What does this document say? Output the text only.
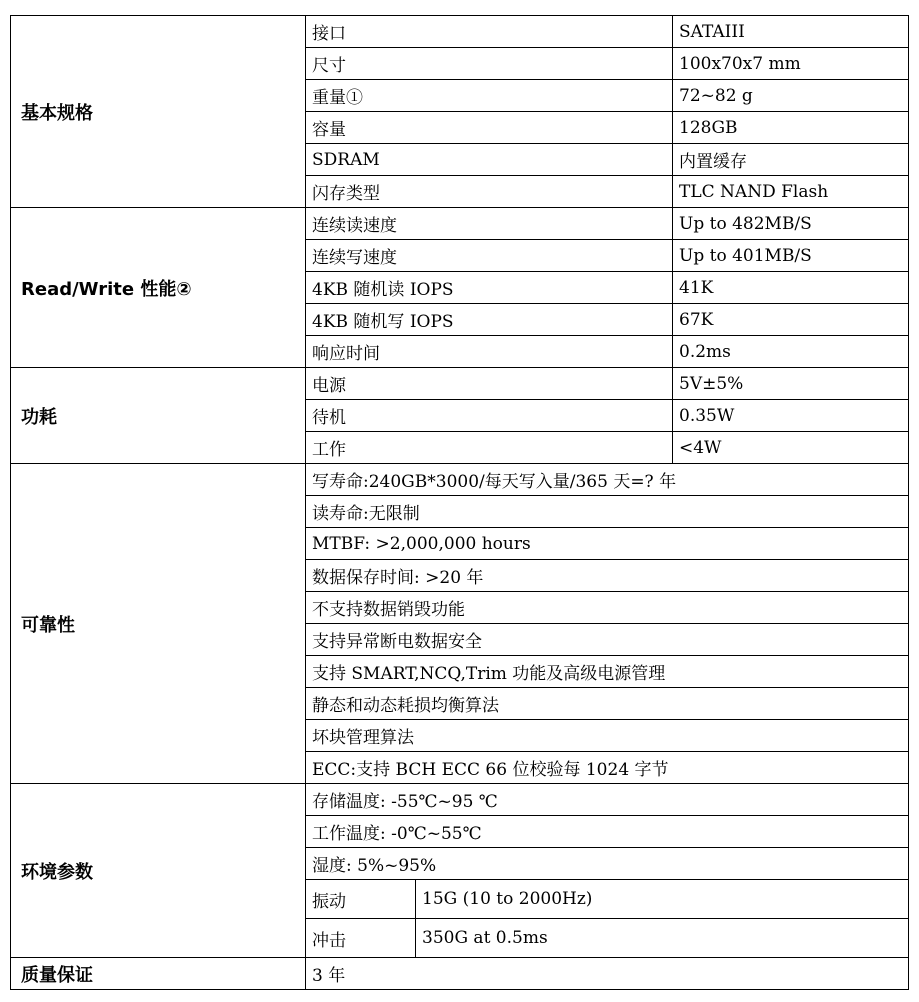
基本规格	接口		SATAIII
	尺寸		100x70x7 mm
	重量①		72~82 g
	容量		128GB
	SDRAM		内置缓存
	闪存类型		TLC NAND Flash
Read/Write 性能②	连续读速度		Up to 482MB/S
	连续写速度		Up to 401MB/S
	4KB 随机读 IOPS		41K
	4KB 随机写 IOPS		67K
	响应时间		0.2ms
功耗	电源		5V±5%
	待机		0.35W
	工作		<4W
可靠性	写寿命:240GB*3000/每天写入量/365 天=? 年		
	读寿命:无限制		
	MTBF: >2,000,000 hours		
	数据保存时间: >20 年		
	不支持数据销毁功能		
	支持异常断电数据安全		
	支持 SMART,NCQ,Trim 功能及高级电源管理		
	静态和动态耗损均衡算法		
	坏块管理算法		
	ECC:支持 BCH ECC 66 位校验每 1024 字节		
环境参数	存储温度: -55℃~95 ℃		
	工作温度: -0℃~55℃		
	湿度: 5%~95%		
	振动	15G (10 to 2000Hz)	
	冲击	350G at 0.5ms	
质量保证	3 年		
